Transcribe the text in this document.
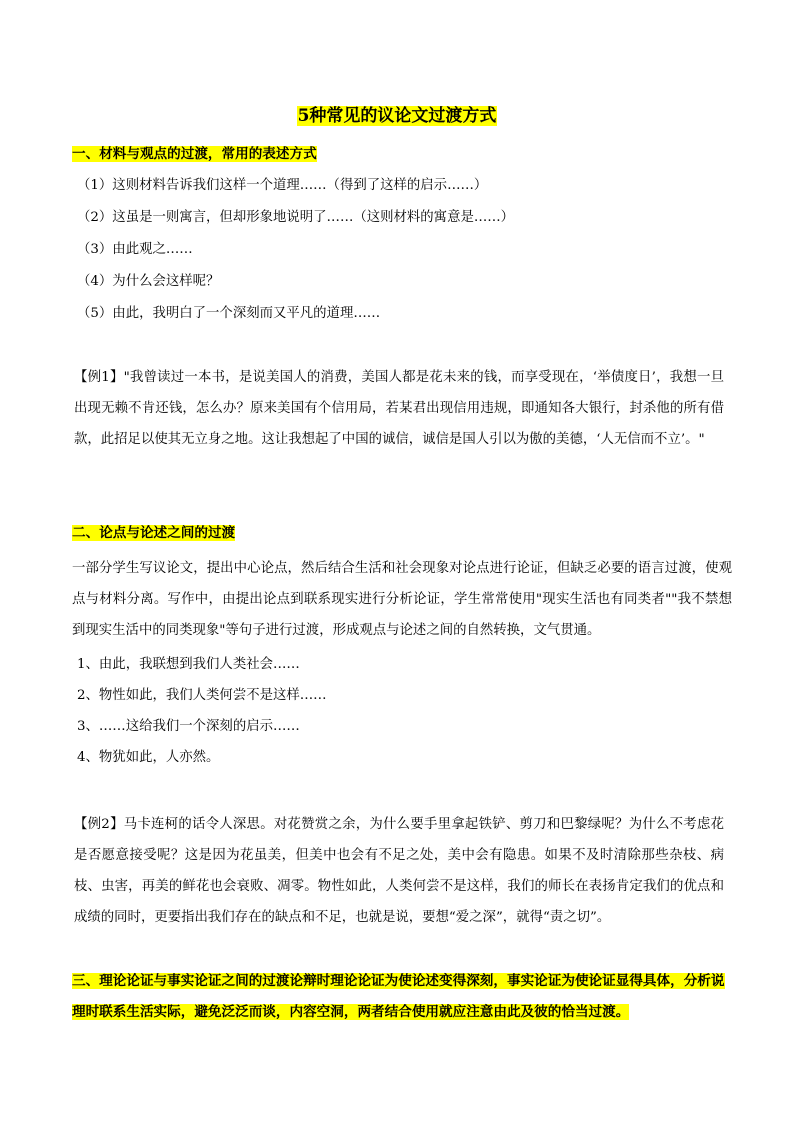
5种常见的议论文过渡方式
一、材料与观点的过渡，常用的表述方式
（1）这则材料告诉我们这样一个道理……（得到了这样的启示……）
（2）这虽是一则寓言，但却形象地说明了……（这则材料的寓意是……）
（3）由此观之……
（4）为什么会这样呢？
（5）由此，我明白了一个深刻而又平凡的道理……
【例1】"我曾读过一本书，是说美国人的消费，美国人都是花未来的钱，而享受现在，‘举债度日’，我想一旦出现无赖不肯还钱，怎么办？原来美国有个信用局，若某君出现信用违规，即通知各大银行，封杀他的所有借款，此招足以使其无立身之地。这让我想起了中国的诚信，诚信是国人引以为傲的美德，‘人无信而不立’。"
二、论点与论述之间的过渡
一部分学生写议论文，提出中心论点，然后结合生活和社会现象对论点进行论证，但缺乏必要的语言过渡，使观点与材料分离。写作中，由提出论点到联系现实进行分析论证，学生常常使用"现实生活也有同类者""我不禁想到现实生活中的同类现象"等句子进行过渡，形成观点与论述之间的自然转换，文气贯通。
1、由此，我联想到我们人类社会……
2、物性如此，我们人类何尝不是这样……
3、……这给我们一个深刻的启示……
4、物犹如此，人亦然。
【例2】马卡连柯的话令人深思。对花赞赏之余，为什么要手里拿起铁铲、剪刀和巴黎绿呢？为什么不考虑花是否愿意接受呢？这是因为花虽美，但美中也会有不足之处，美中会有隐患。如果不及时清除那些杂枝、病枝、虫害，再美的鲜花也会衰败、凋零。物性如此，人类何尝不是这样，我们的师长在表扬肯定我们的优点和成绩的同时，更要指出我们存在的缺点和不足，也就是说，要想“爱之深”，就得“责之切”。
三、理论论证与事实论证之间的过渡论辩时理论论证为使论述变得深刻，事实论证为使论证显得具体，分析说理时联系生活实际，避免泛泛而谈，内容空洞，两者结合使用就应注意由此及彼的恰当过渡。
